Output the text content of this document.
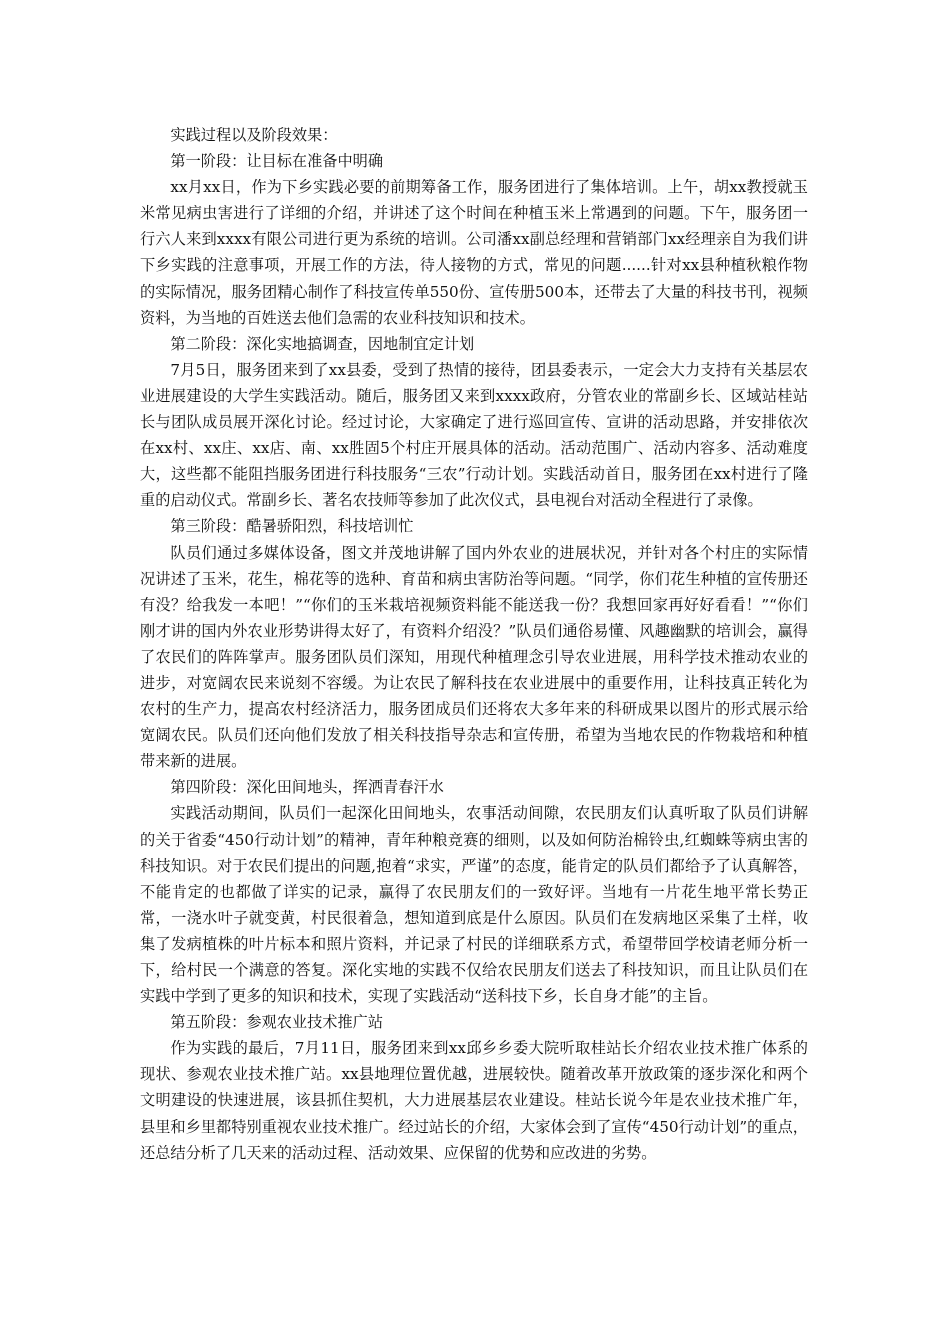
实践过程以及阶段效果：

第一阶段：让目标在准备中明确

xx月xx日，作为下乡实践必要的前期筹备工作，服务团进行了集体培训。上午，胡xx教授就玉米常见病虫害进行了详细的介绍，并讲述了这个时间在种植玉米上常遇到的问题。下午，服务团一行六人来到xxxx有限公司进行更为系统的培训。公司潘xx副总经理和营销部门xx经理亲自为我们讲下乡实践的注意事项，开展工作的方法，待人接物的方式，常见的问题......针对xx县种植秋粮作物的实际情况，服务团精心制作了科技宣传单550份、宣传册500本，还带去了大量的科技书刊，视频资料，为当地的百姓送去他们急需的农业科技知识和技术。

第二阶段：深化实地搞调查，因地制宜定计划

7月5日，服务团来到了xx县委，受到了热情的接待，团县委表示，一定会大力支持有关基层农业进展建设的大学生实践活动。随后，服务团又来到xxxx政府，分管农业的常副乡长、区域站桂站长与团队成员展开深化讨论。经过讨论，大家确定了进行巡回宣传、宣讲的活动思路，并安排依次在xx村、xx庄、xx店、南、xx胜固5个村庄开展具体的活动。活动范围广、活动内容多、活动难度大，这些都不能阻挡服务团进行科技服务“三农”行动计划。实践活动首日，服务团在xx村进行了隆重的启动仪式。常副乡长、著名农技师等参加了此次仪式，县电视台对活动全程进行了录像。

第三阶段：酷暑骄阳烈，科技培训忙

队员们通过多媒体设备，图文并茂地讲解了国内外农业的进展状况，并针对各个村庄的实际情况讲述了玉米，花生，棉花等的选种、育苗和病虫害防治等问题。“同学，你们花生种植的宣传册还有没？给我发一本吧！”“你们的玉米栽培视频资料能不能送我一份？我想回家再好好看看！”“你们刚才讲的国内外农业形势讲得太好了，有资料介绍没？”队员们通俗易懂、风趣幽默的培训会，赢得了农民们的阵阵掌声。服务团队员们深知，用现代种植理念引导农业进展，用科学技术推动农业的进步，对宽阔农民来说刻不容缓。为让农民了解科技在农业进展中的重要作用，让科技真正转化为农村的生产力，提高农村经济活力，服务团成员们还将农大多年来的科研成果以图片的形式展示给宽阔农民。队员们还向他们发放了相关科技指导杂志和宣传册，希望为当地农民的作物栽培和种植带来新的进展。

第四阶段：深化田间地头，挥洒青春汗水

实践活动期间，队员们一起深化田间地头，农事活动间隙，农民朋友们认真听取了队员们讲解的关于省委“450行动计划”的精神，青年种粮竞赛的细则，以及如何防治棉铃虫,红蜘蛛等病虫害的科技知识。对于农民们提出的问题,抱着“求实，严谨”的态度，能肯定的队员们都给予了认真解答，不能肯定的也都做了详实的记录，赢得了农民朋友们的一致好评。当地有一片花生地平常长势正常，一浇水叶子就变黄，村民很着急，想知道到底是什么原因。队员们在发病地区采集了土样，收集了发病植株的叶片标本和照片资料，并记录了村民的详细联系方式，希望带回学校请老师分析一下，给村民一个满意的答复。深化实地的实践不仅给农民朋友们送去了科技知识，而且让队员们在实践中学到了更多的知识和技术，实现了实践活动“送科技下乡，长自身才能”的主旨。

第五阶段：参观农业技术推广站

作为实践的最后，7月11日，服务团来到xx邱乡乡委大院听取桂站长介绍农业技术推广体系的现状、参观农业技术推广站。xx县地理位置优越，进展较快。随着改革开放政策的逐步深化和两个文明建设的快速进展，该县抓住契机，大力进展基层农业建设。桂站长说今年是农业技术推广年，县里和乡里都特别重视农业技术推广。经过站长的介绍，大家体会到了宣传“450行动计划”的重点，还总结分析了几天来的活动过程、活动效果、应保留的优势和应改进的劣势。
